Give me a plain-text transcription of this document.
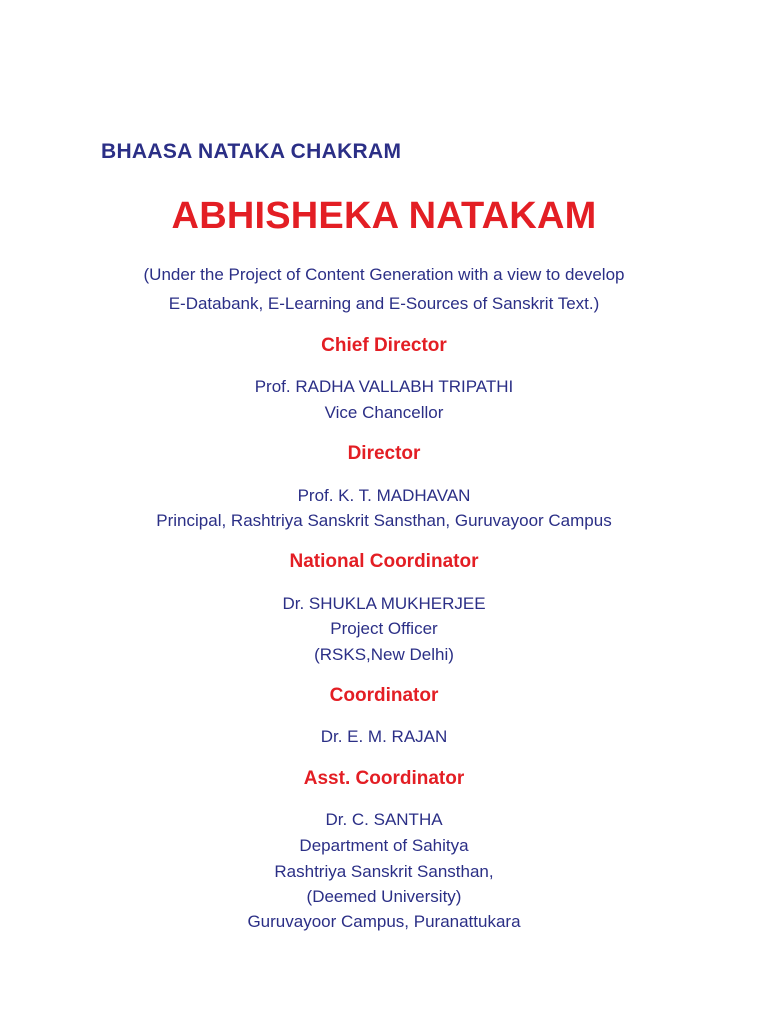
BHAASA NATAKA CHAKRAM
ABHISHEKA NATAKAM
(Under the Project of Content Generation with a view to develop
E-Databank, E-Learning and E-Sources of Sanskrit Text.)
Chief Director
Prof. RADHA VALLABH TRIPATHI
Vice Chancellor
Director
Prof. K. T. MADHAVAN
Principal, Rashtriya Sanskrit Sansthan, Guruvayoor Campus
National Coordinator
Dr. SHUKLA MUKHERJEE
Project Officer
(RSKS,New Delhi)
Coordinator
Dr. E. M. RAJAN
Asst. Coordinator
Dr. C. SANTHA
Department of Sahitya
Rashtriya Sanskrit Sansthan,
(Deemed University)
Guruvayoor Campus, Puranattukara
